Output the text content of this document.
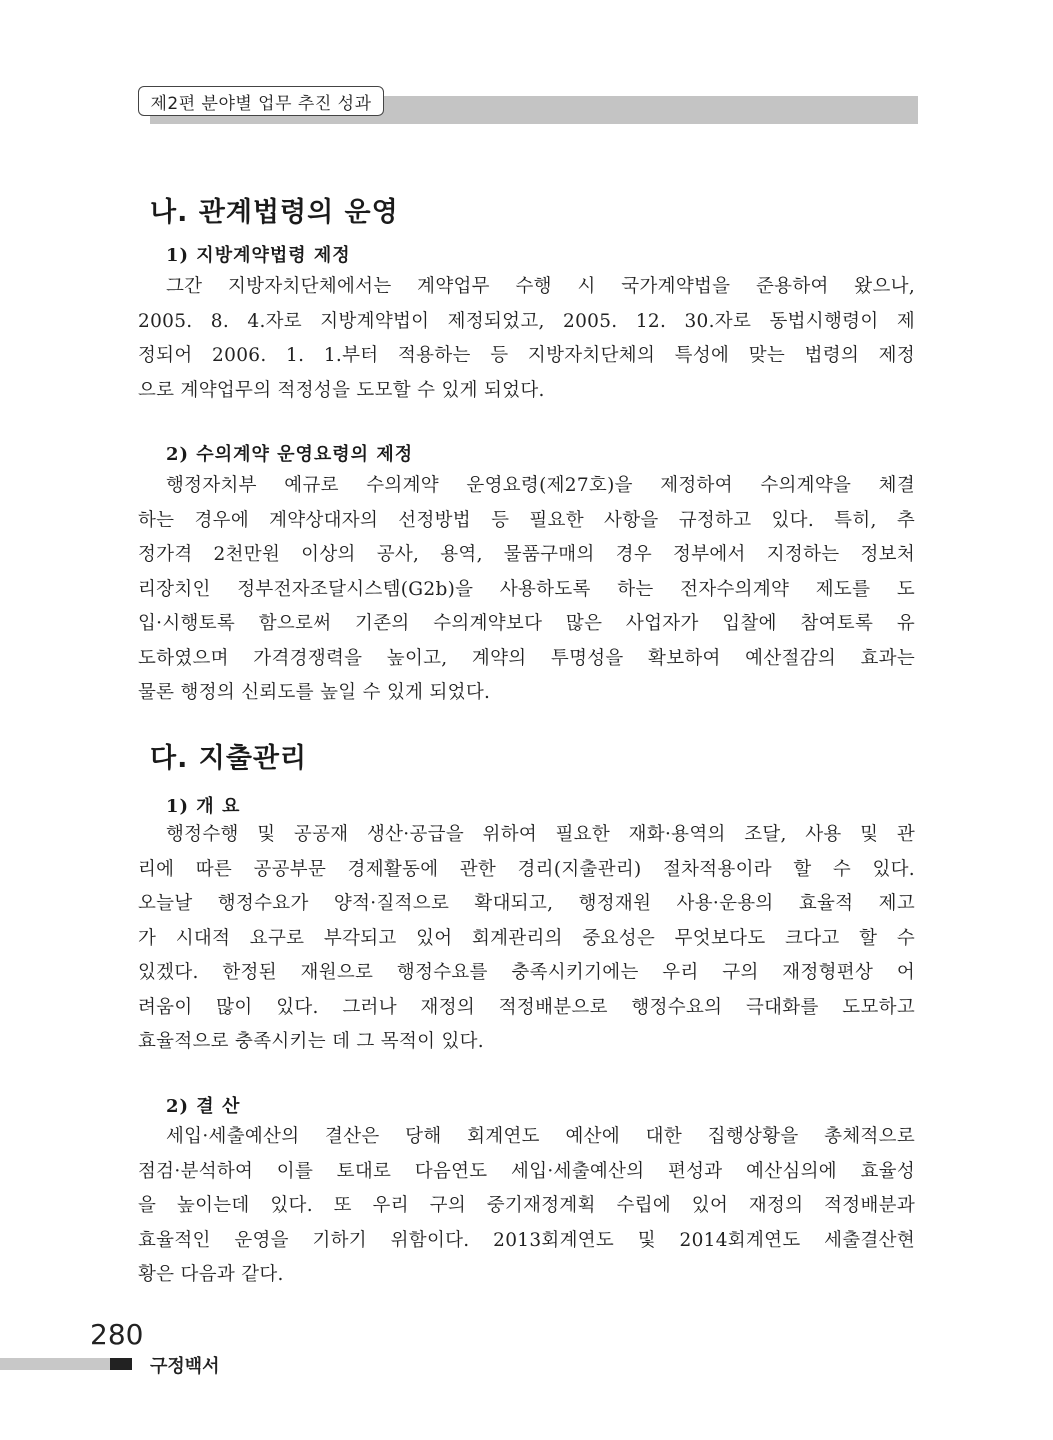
제2편 분야별 업무 추진 성과
나. 관계법령의 운영
1) 지방계약법령 제정
그간 지방자치단체에서는 계약업무 수행 시 국가계약법을 준용하여 왔으나,
2005. 8. 4.자로 지방계약법이 제정되었고, 2005. 12. 30.자로 동법시행령이 제
정되어 2006. 1. 1.부터 적용하는 등 지방자치단체의 특성에 맞는 법령의 제정
으로 계약업무의 적정성을 도모할 수 있게 되었다.
2) 수의계약 운영요령의 제정
행정자치부 예규로 수의계약 운영요령(제27호)을 제정하여 수의계약을 체결
하는 경우에 계약상대자의 선정방법 등 필요한 사항을 규정하고 있다. 특히, 추
정가격 2천만원 이상의 공사, 용역, 물품구매의 경우 정부에서 지정하는 정보처
리장치인 정부전자조달시스템(G2b)을 사용하도록 하는 전자수의계약 제도를 도
입·시행토록 함으로써 기존의 수의계약보다 많은 사업자가 입찰에 참여토록 유
도하였으며 가격경쟁력을 높이고, 계약의 투명성을 확보하여 예산절감의 효과는
물론 행정의 신뢰도를 높일 수 있게 되었다.
다. 지출관리
1) 개 요
행정수행 및 공공재 생산·공급을 위하여 필요한 재화·용역의 조달, 사용 및 관
리에 따른 공공부문 경제활동에 관한 경리(지출관리) 절차적용이라 할 수 있다.
오늘날 행정수요가 양적·질적으로 확대되고, 행정재원 사용·운용의 효율적 제고
가 시대적 요구로 부각되고 있어 회계관리의 중요성은 무엇보다도 크다고 할 수
있겠다. 한정된 재원으로 행정수요를 충족시키기에는 우리 구의 재정형편상 어
려움이 많이 있다. 그러나 재정의 적정배분으로 행정수요의 극대화를 도모하고
효율적으로 충족시키는 데 그 목적이 있다.
2) 결 산
세입·세출예산의 결산은 당해 회계연도 예산에 대한 집행상황을 총체적으로
점검·분석하여 이를 토대로 다음연도 세입·세출예산의 편성과 예산심의에 효율성
을 높이는데 있다. 또 우리 구의 중기재정계획 수립에 있어 재정의 적정배분과
효율적인 운영을 기하기 위함이다. 2013회계연도 및 2014회계연도 세출결산현
황은 다음과 같다.
280
구정백서
